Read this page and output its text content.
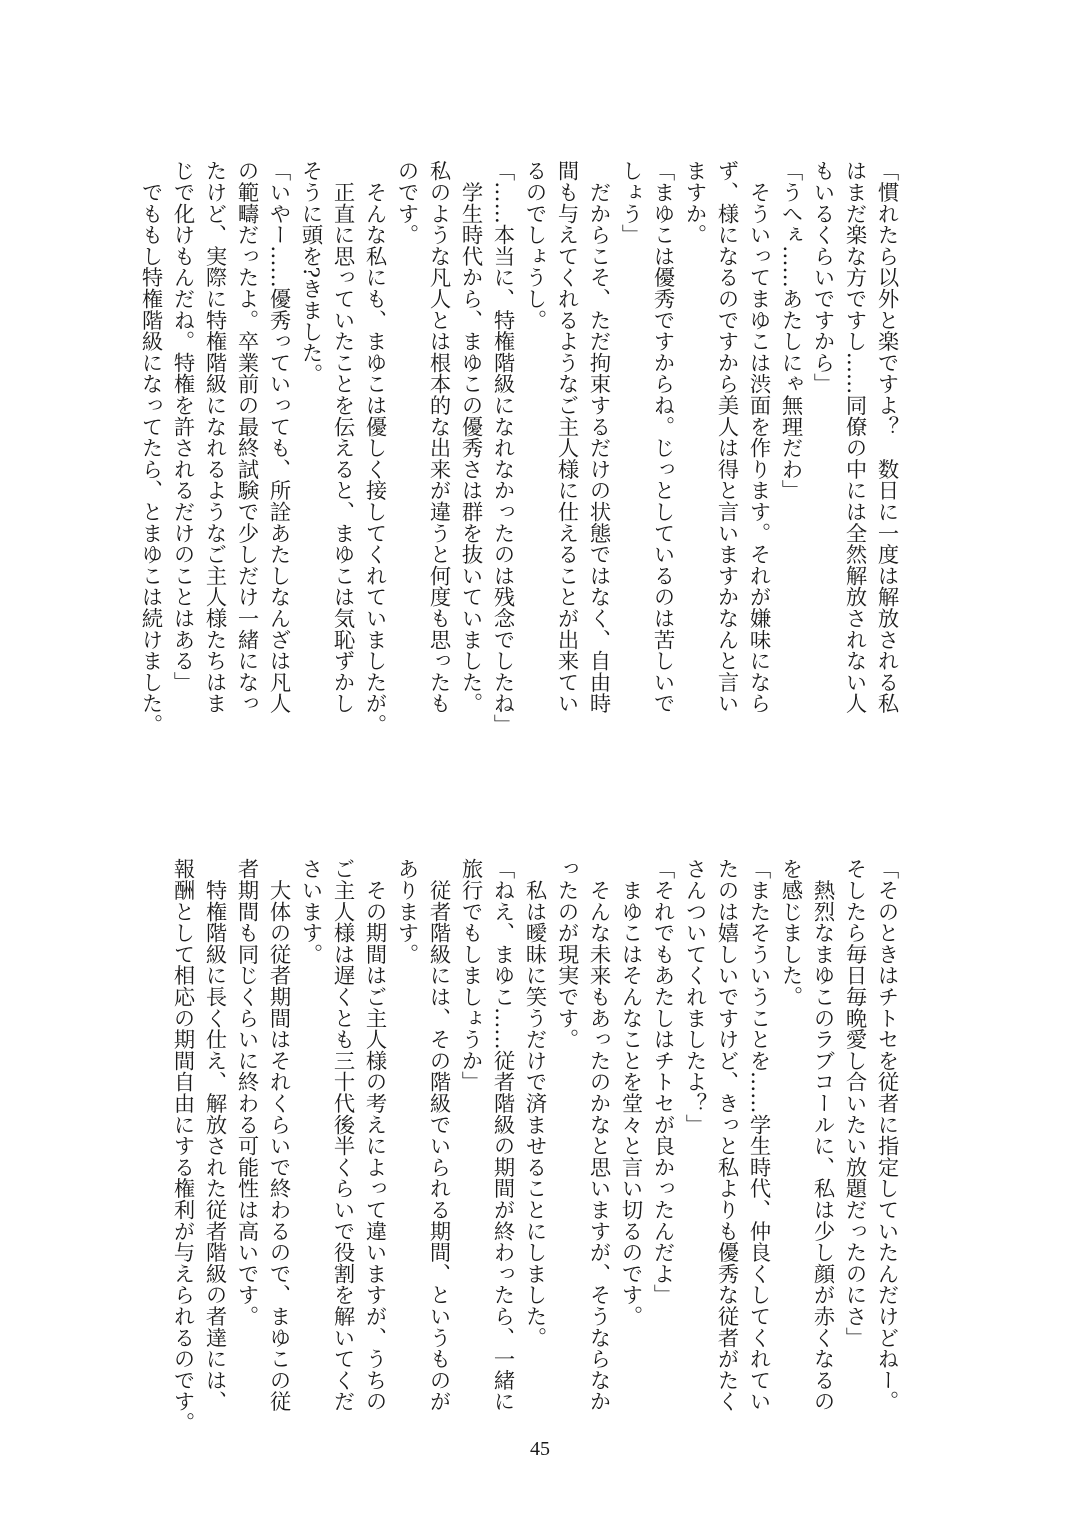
「慣れたら以外と楽ですよ？　数日に一度は解放される私

はまだ楽な方ですし……同僚の中には全然解放されない人

もいるくらいですから」

「うへぇ……あたしにゃ無理だわ」

　そういってまゆこは渋面を作ります。それが嫌味になら

ず、様になるのですから美人は得と言いますかなんと言い

ますか。

「まゆこは優秀ですからね。じっとしているのは苦しいで

しょう」

　だからこそ、ただ拘束するだけの状態ではなく、自由時

間も与えてくれるようなご主人様に仕えることが出来てい

るのでしょうし。

「……本当に、特権階級になれなかったのは残念でしたね」

　学生時代から、まゆこの優秀さは群を抜いていました。

私のような凡人とは根本的な出来が違うと何度も思ったも

のです。

　そんな私にも、まゆこは優しく接してくれていましたが。

　正直に思っていたことを伝えると、まゆこは気恥ずかし

そうに頭を?きました。

「いやー……優秀っていっても、所詮あたしなんざは凡人

の範疇だったよ。卒業前の最終試験で少しだけ一緒になっ

たけど、実際に特権階級になれるようなご主人様たちはま

じで化けもんだね。特権を許されるだけのことはある」

　でももし特権階級になってたら、とまゆこは続けました。

「そのときはチトセを従者に指定していたんだけどねー。

そしたら毎日毎晩愛し合いたい放題だったのにさ」

　熱烈なまゆこのラブコールに、私は少し顔が赤くなるの

を感じました。

「またそういうことを……学生時代、仲良くしてくれてい

たのは嬉しいですけど、きっと私よりも優秀な従者がたく

さんついてくれましたよ？」

「それでもあたしはチトセが良かったんだよ」

　まゆこはそんなことを堂々と言い切るのです。

　そんな未来もあったのかなと思いますが、そうならなか

ったのが現実です。

　私は曖昧に笑うだけで済ませることにしました。

「ねえ、まゆこ……従者階級の期間が終わったら、一緒に

旅行でもしましょうか」

　従者階級には、その階級でいられる期間、というものが

あります。

　その期間はご主人様の考えによって違いますが、うちの

ご主人様は遅くとも三十代後半くらいで役割を解いてくだ

さいます。

　大体の従者期間はそれくらいで終わるので、まゆこの従

者期間も同じくらいに終わる可能性は高いです。

　特権階級に長く仕え、解放された従者階級の者達には、

報酬として相応の期間自由にする権利が与えられるのです。

45
